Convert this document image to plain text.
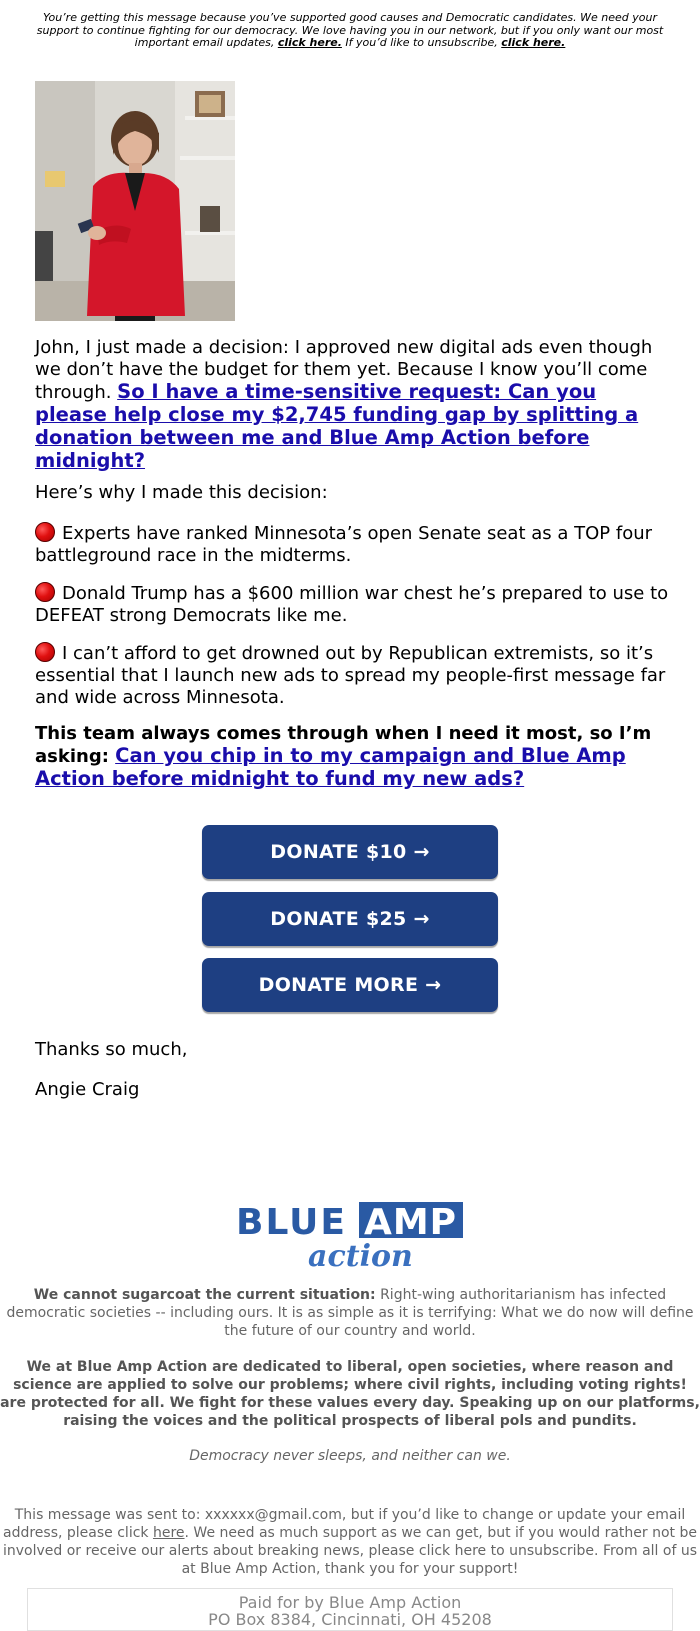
You’re getting this message because you’ve supported good causes and Democratic candidates. We need your support to continue fighting for our democracy. We love having you in our network, but if you only want our most important email updates, click here. If you’d like to unsubscribe, click here.

John, I just made a decision: I approved new digital ads even though we don’t have the budget for them yet. Because I know you’ll come through. So I have a time-sensitive request: Can you please help close my $2,745 funding gap by splitting a donation between me and Blue Amp Action before midnight?

Here’s why I made this decision:

Experts have ranked Minnesota’s open Senate seat as a TOP four battleground race in the midterms.

Donald Trump has a $600 million war chest he’s prepared to use to DEFEAT strong Democrats like me.

I can’t afford to get drowned out by Republican extremists, so it’s essential that I launch new ads to spread my people-first message far and wide across Minnesota.

This team always comes through when I need it most, so I’m asking: Can you chip in to my campaign and Blue Amp Action before midnight to fund my new ads?

DONATE $10 →
DONATE $25 →
DONATE MORE →
Thanks so much,
Angie Craig
BLUE AMP
action
We cannot sugarcoat the current situation: Right-wing authoritarianism has infected democratic societies -- including ours. It is as simple as it is terrifying: What we do now will define the future of our country and world.
We at Blue Amp Action are dedicated to liberal, open societies, where reason and science are applied to solve our problems; where civil rights, including voting rights! are protected for all. We fight for these values every day. Speaking up on our platforms, raising the voices and the political prospects of liberal pols and pundits.
Democracy never sleeps, and neither can we.
This message was sent to: xxxxxx@gmail.com, but if you’d like to change or update your email address, please click here. We need as much support as we can get, but if you would rather not be involved or receive our alerts about breaking news, please click here to unsubscribe. From all of us at Blue Amp Action, thank you for your support!
Paid for by Blue Amp Action
PO Box 8384, Cincinnati, OH 45208
